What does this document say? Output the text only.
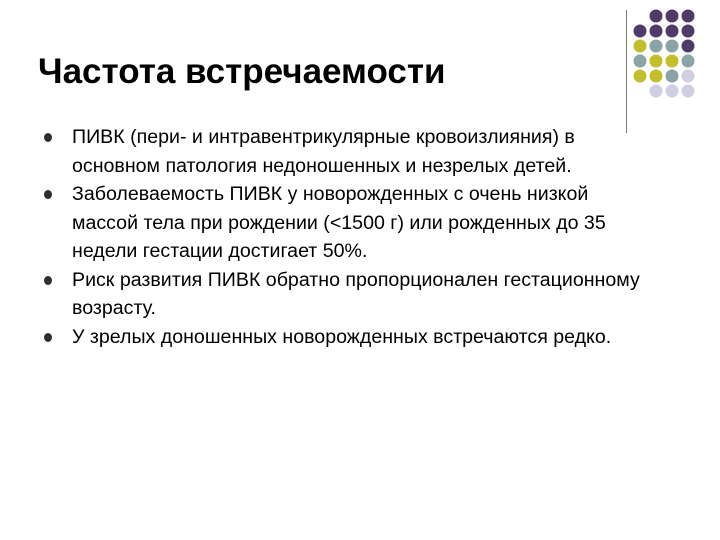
Частота встречаемости
ПИВК (пери- и интравентрикулярные кровоизлияния) в основном патология недоношенных и незрелых детей.
Заболеваемость ПИВК у новорожденных с очень низкой массой тела при рождении (<1500 г) или рожденных до 35 недели гестации достигает 50%.
Риск развития ПИВК обратно пропорционален гестационному возрасту.
У зрелых доношенных новорожденных встречаются редко.
